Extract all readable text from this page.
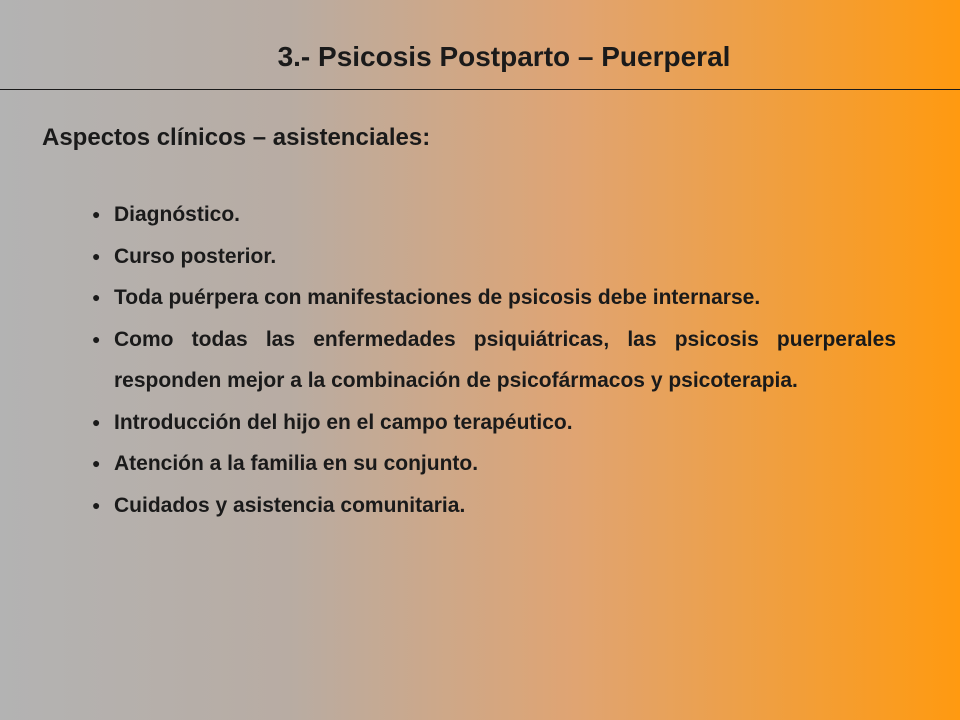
3.- Psicosis Postparto – Puerperal
Aspectos clínicos – asistenciales:
● Diagnóstico.
● Curso posterior.
● Toda puérpera con manifestaciones de psicosis debe internarse.
● Como todas las enfermedades psiquiátricas, las psicosis puerperales responden mejor a la combinación de psicofármacos y psicoterapia.
● Introducción del hijo en el campo terapéutico.
● Atención a la familia en su conjunto.
● Cuidados y asistencia comunitaria.
